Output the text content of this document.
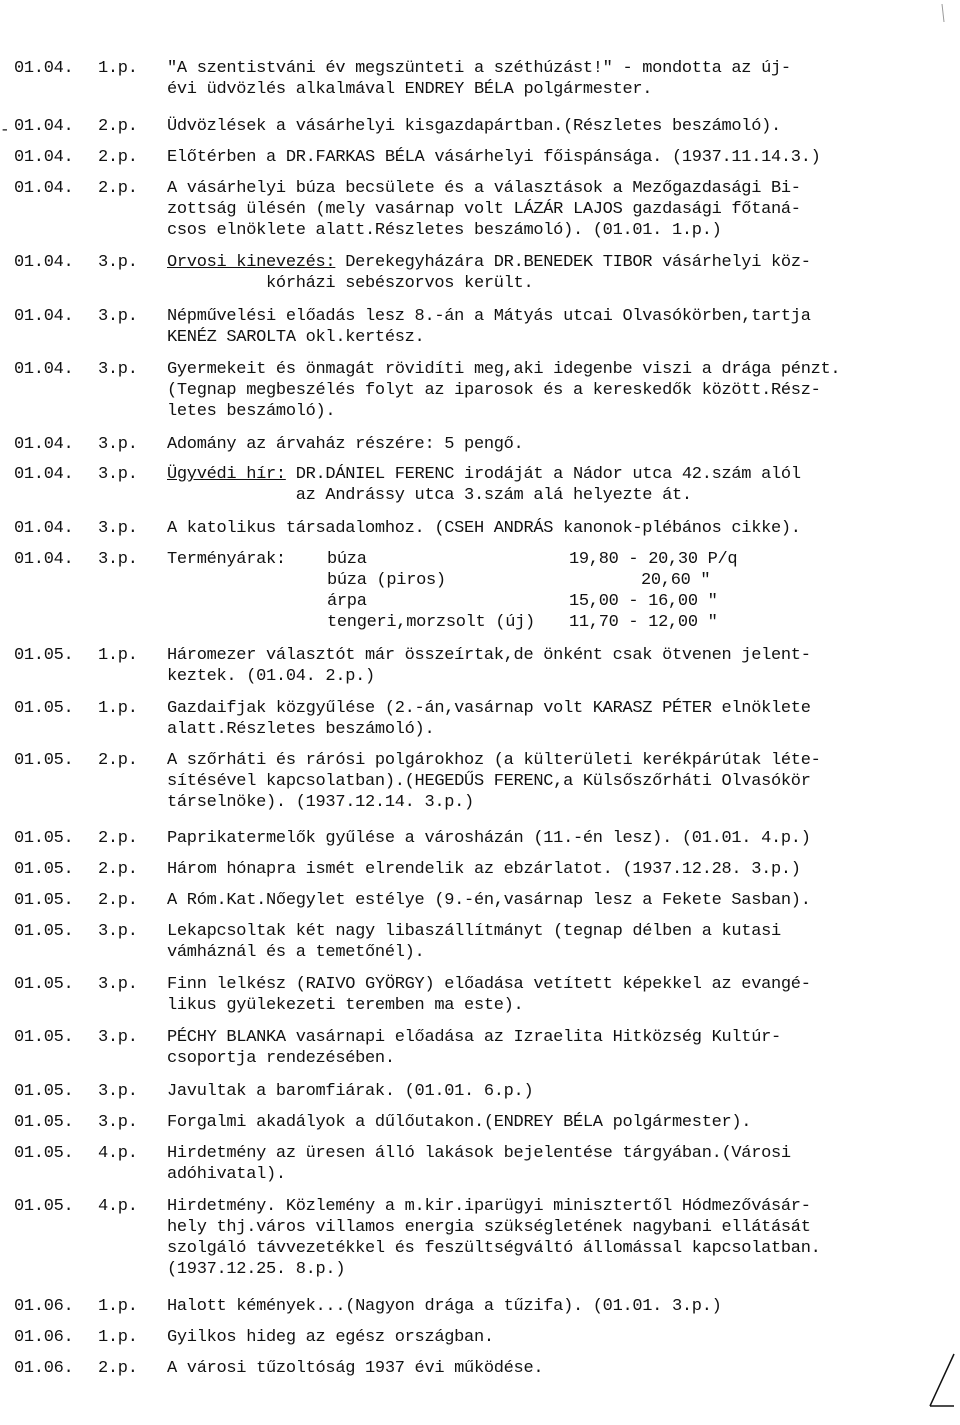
-
01.04.	1.p.	"A szentistváni év megszünteti a széthúzást!" - mondotta az új-
évi üdvözlés alkalmával ENDREY BÉLA polgármester.
01.04.	2.p.	Üdvözlések a vásárhelyi kisgazdapártban.(Részletes beszámoló).
01.04.	2.p.	Előtérben a DR.FARKAS BÉLA vásárhelyi főispánsága. (1937.11.14.3.)
01.04.	2.p.	A vásárhelyi búza becsülete és a választások a Mezőgazdasági Bi-
zottság ülésén (mely vasárnap volt LÁZÁR LAJOS gazdasági főtaná-
csos elnöklete alatt.Részletes beszámoló). (01.01. 1.p.)
01.04.	3.p.	Orvosi kinevezés: Derekegyházára DR.BENEDEK TIBOR vásárhelyi köz-
kórházi sebészorvos került.
01.04.	3.p.	Népművelési előadás lesz 8.-án a Mátyás utcai Olvasókörben,tartja
KENÉZ SAROLTA okl.kertész.
01.04.	3.p.	Gyermekeit és önmagát rövidíti meg,aki idegenbe viszi a drága pénzt.
(Tegnap megbeszélés folyt az iparosok és a kereskedők között.Rész-
letes beszámoló).
01.04.	3.p.	Adomány az árvaház részére: 5 pengő.
01.04.	3.p.	Ügyvédi hír: DR.DÁNIEL FERENC irodáját a Nádor utca 42.szám alól
az Andrássy utca 3.szám alá helyezte át.
01.04.	3.p.	A katolikus társadalomhoz. (CSEH ANDRÁS kanonok-plébános cikke).
01.04.	3.p.	Terményárak: búza	19,80 - 20,30 P/q
búza (piros)	20,60 "
árpa	15,00 - 16,00 "
tengeri,morzsolt (új) 11,70 - 12,00 "
01.05.	1.p.	Háromezer választót már összeírtak,de önként csak ötvenen jelent-
keztek. (01.04. 2.p.)
01.05.	1.p.	Gazdaifjak közgyűlése (2.-án,vasárnap volt KARASZ PÉTER elnöklete
alatt.Részletes beszámoló).
01.05.	2.p.	A szőrháti és rárósi polgárokhoz (a külterületi kerékpárútak léte-
sítésével kapcsolatban).(HEGEDŰS FERENC,a Külsőszőrháti Olvasókör
társelnöke). (1937.12.14. 3.p.)
01.05.	2.p.	Paprikatermelők gyűlése a városházán (11.-én lesz). (01.01. 4.p.)
01.05.	2.p.	Három hónapra ismét elrendelik az ebzárlatot. (1937.12.28. 3.p.)
01.05.	2.p.	A Róm.Kat.Nőegylet estélye (9.-én,vasárnap lesz a Fekete Sasban).
01.05.	3.p.	Lekapcsoltak két nagy libaszállítmányt (tegnap délben a kutasi
vámháznál és a temetőnél).
01.05.	3.p.	Finn lelkész (RAIVO GYÖRGY) előadása vetített képekkel az evangé-
likus gyülekezeti teremben ma este).
01.05.	3.p.	PÉCHY BLANKA vasárnapi előadása az Izraelita Hitközség Kultúr-
csoportja rendezésében.
01.05.	3.p.	Javultak a baromfiárak. (01.01. 6.p.)
01.05.	3.p.	Forgalmi akadályok a dűlőutakon.(ENDREY BÉLA polgármester).
01.05.	4.p.	Hirdetmény az üresen álló lakások bejelentése tárgyában.(Városi
adóhivatal).
01.05.	4.p.	Hirdetmény. Közlemény a m.kir.iparügyi minisztertől Hódmezővásár-
hely thj.város villamos energia szükségletének nagybani ellátását
szolgáló távvezetékkel és feszültségváltó állomással kapcsolatban.
(1937.12.25. 8.p.)
01.06.	1.p.	Halott kémények...(Nagyon drága a tűzifa). (01.01. 3.p.)
01.06.	1.p.	Gyilkos hideg az egész országban.
01.06.	2.p.	A városi tűzoltóság 1937 évi működése.
